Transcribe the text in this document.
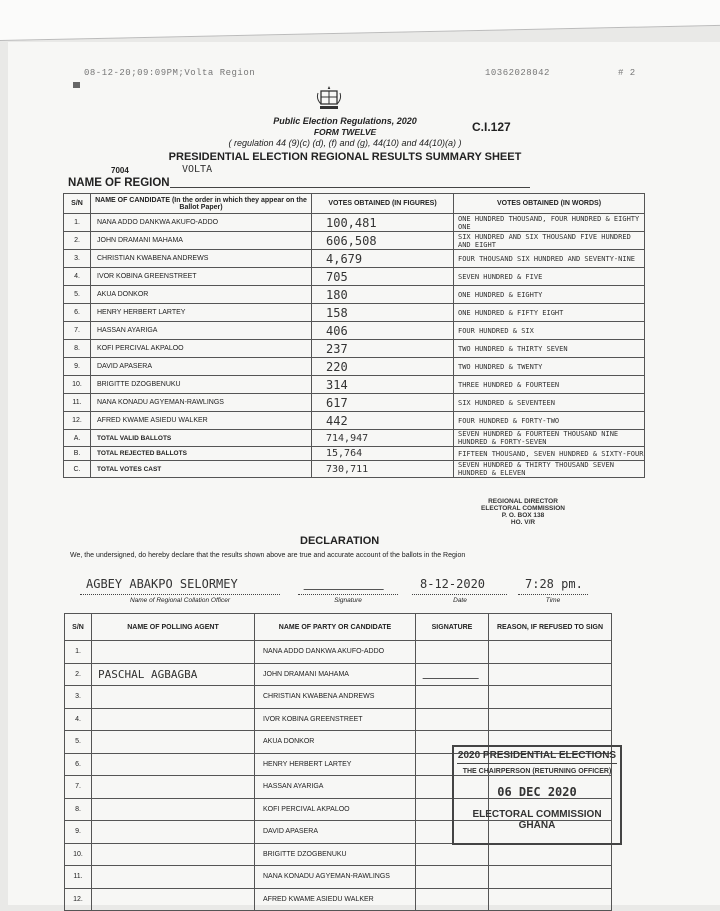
08-12-20;09:09PM;Volta Region	10362028042	# 2
Public Election Regulations, 2020
FORM TWELVE
( regulation 44 (9)(c) (d), (f) and (g), 44(10) and 44(10)(a) )
PRESIDENTIAL ELECTION REGIONAL RESULTS SUMMARY SHEET
C.I.127
7004	VOLTA
NAME OF REGION
S/N	NAME OF CANDIDATE (In the order in which they appear on the Ballot Paper)	VOTES OBTAINED (IN FIGURES)	VOTES OBTAINED (IN WORDS)
1.	NANA ADDO DANKWA AKUFO-ADDO	100,481	ONE HUNDRED THOUSAND, FOUR HUNDRED & EIGHTY ONE
2.	JOHN DRAMANI MAHAMA	606,508	SIX HUNDRED AND SIX THOUSAND FIVE HUNDRED AND EIGHT
3.	CHRISTIAN KWABENA ANDREWS	4,679	FOUR THOUSAND SIX HUNDRED AND SEVENTY-NINE
4.	IVOR KOBINA GREENSTREET	705	SEVEN HUNDRED & FIVE
5.	AKUA DONKOR	180	ONE HUNDRED & EIGHTY
6.	HENRY HERBERT LARTEY	158	ONE HUNDRED & FIFTY EIGHT
7.	HASSAN AYARIGA	406	FOUR HUNDRED & SIX
8.	KOFI PERCIVAL AKPALOO	237	TWO HUNDRED & THIRTY SEVEN
9.	DAVID APASERA	220	TWO HUNDRED & TWENTY
10.	BRIGITTE DZOGBENUKU	314	THREE HUNDRED & FOURTEEN
11.	NANA KONADU AGYEMAN-RAWLINGS	617	SIX HUNDRED & SEVENTEEN
12.	AFRED KWAME ASIEDU WALKER	442	FOUR HUNDRED & FORTY-TWO
A.	TOTAL VALID BALLOTS	714,947	SEVEN HUNDRED & FOURTEEN THOUSAND NINE HUNDRED & FORTY-SEVEN
B.	TOTAL REJECTED BALLOTS	15,764	FIFTEEN THOUSAND, SEVEN HUNDRED & SIXTY-FOUR
C.	TOTAL VOTES CAST	730,711	SEVEN HUNDRED & THIRTY THOUSAND SEVEN HUNDRED & ELEVEN
REGIONAL DIRECTOR
ELECTORAL COMMISSION
P. O. BOX 138
HO. V/R
DECLARATION
We, the undersigned, do hereby declare that the results shown above are true and accurate account of the ballots in the Region
AGBEY ABAKPO SELORMEY	8-12-2020	7:28 pm.
Name of Regional Collation Officer	Signature	Date	Time
S/N	NAME OF POLLING AGENT	NAME OF PARTY OR CANDIDATE	SIGNATURE	REASON, IF REFUSED TO SIGN
1.		NANA ADDO DANKWA AKUFO-ADDO		
2.	PASCHAL AGBAGBA	JOHN DRAMANI MAHAMA		
3.		CHRISTIAN KWABENA ANDREWS		
4.		IVOR KOBINA GREENSTREET		
5.		AKUA DONKOR		
6.		HENRY HERBERT LARTEY		
7.		HASSAN AYARIGA		
8.		KOFI PERCIVAL AKPALOO		
9.		DAVID APASERA		
10.		BRIGITTE DZOGBENUKU		
11.		NANA KONADU AGYEMAN-RAWLINGS		
12.		AFRED KWAME ASIEDU WALKER		
2020 PRESIDENTIAL ELECTIONS
THE CHAIRPERSON (RETURNING OFFICER)
06 DEC 2020
ELECTORAL COMMISSION
GHANA
